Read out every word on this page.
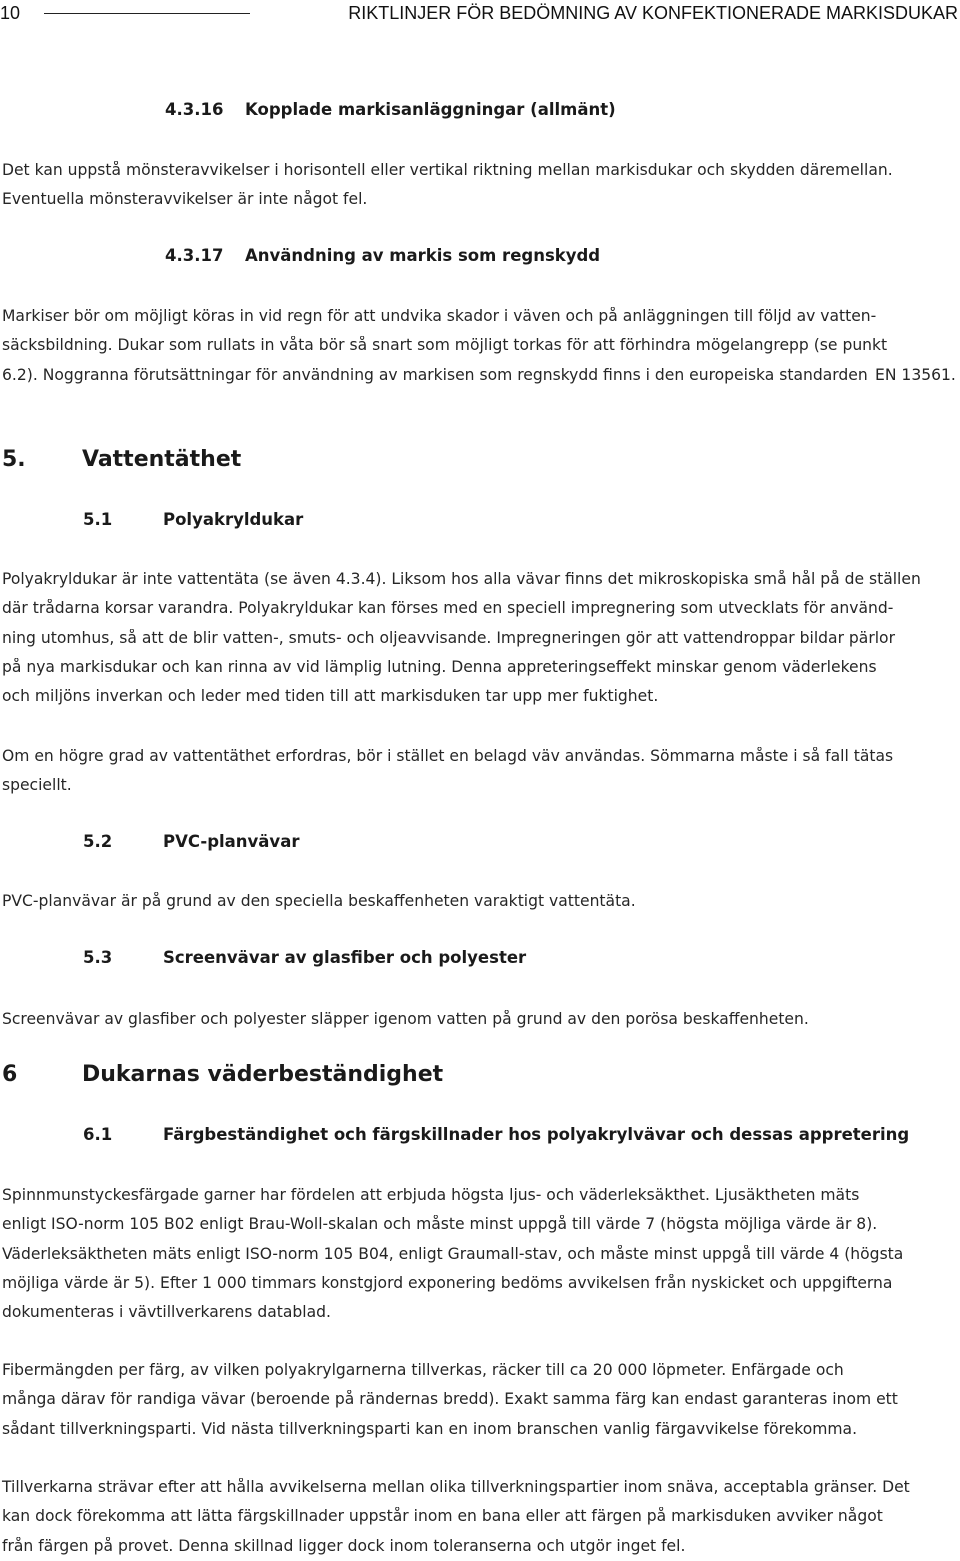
10	RIKTLINJER FÖR BEDÖMNING AV KONFEKTIONERADE MARKISDUKAR
4.3.16 Kopplade markisanläggningar (allmänt)

Det kan uppstå mönsteravvikelser i horisontell eller vertikal riktning mellan markisdukar och skydden däremellan. Eventuella mönsteravvikelser är inte något fel.

4.3.17 Användning av markis som regnskydd

Markiser bör om möjligt köras in vid regn för att undvika skador i väven och på anläggningen till följd av vatten- säcksbildning. Dukar som rullats in våta bör så snart som möjligt torkas för att förhindra mögelangrepp (se punkt 6.2). Noggranna förutsättningar för användning av markisen som regnskydd finns i den europeiska standarden EN 13561.

5.	Vattentäthet
5.1	Polyakryldukar

Polyakryldukar är inte vattentäta (se även 4.3.4). Liksom hos alla vävar finns det mikroskopiska små hål på de ställen där trådarna korsar varandra. Polyakryldukar kan förses med en speciell impregnering som utvecklats för använd- ning utomhus, så att de blir vatten-, smuts- och oljeavvisande. Impregneringen gör att vattendroppar bildar pärlor på nya markisdukar och kan rinna av vid lämplig lutning. Denna appreteringseffekt minskar genom väderlekens och miljöns inverkan och leder med tiden till att markisduken tar upp mer fuktighet.

Om en högre grad av vattentäthet erfordras, bör i stället en belagd väv användas. Sömmarna måste i så fall tätas speciellt.

5.2	PVC-planvävar

PVC-planvävar är på grund av den speciella beskaffenheten varaktigt vattentäta.

5.3	Screenvävar av glasfiber och polyester

Screenvävar av glasfiber och polyester släpper igenom vatten på grund av den porösa beskaffenheten.

6	Dukarnas väderbeständighet
6.1	Färgbeständighet och färgskillnader hos polyakrylvävar och dessas appretering

Spinnmunstyckesfärgade garner har fördelen att erbjuda högsta ljus- och väderleksäkthet. Ljusäktheten mäts enligt ISO-norm 105 B02 enligt Brau-Woll-skalan och måste minst uppgå till värde 7 (högsta möjliga värde är 8). Väderleksäktheten mäts enligt ISO-norm 105 B04, enligt Graumall-stav, och måste minst uppgå till värde 4 (högsta möjliga värde är 5). Efter 1 000 timmars konstgjord exponering bedöms avvikelsen från nyskicket och uppgifterna dokumenteras i vävtillverkarens datablad.

Fibermängden per färg, av vilken polyakrylgarnerna tillverkas, räcker till ca 20 000 löpmeter. Enfärgade och många därav för randiga vävar (beroende på rändernas bredd). Exakt samma färg kan endast garanteras inom ett sådant tillverkningsparti. Vid nästa tillverkningsparti kan en inom branschen vanlig färgavvikelse förekomma.

Tillverkarna strävar efter att hålla avvikelserna mellan olika tillverkningspartier inom snäva, acceptabla gränser. Det kan dock förekomma att lätta färgskillnader uppstår inom en bana eller att färgen på markisduken avviker något från färgen på provet. Denna skillnad ligger dock inom toleranserna och utgör inget fel.
